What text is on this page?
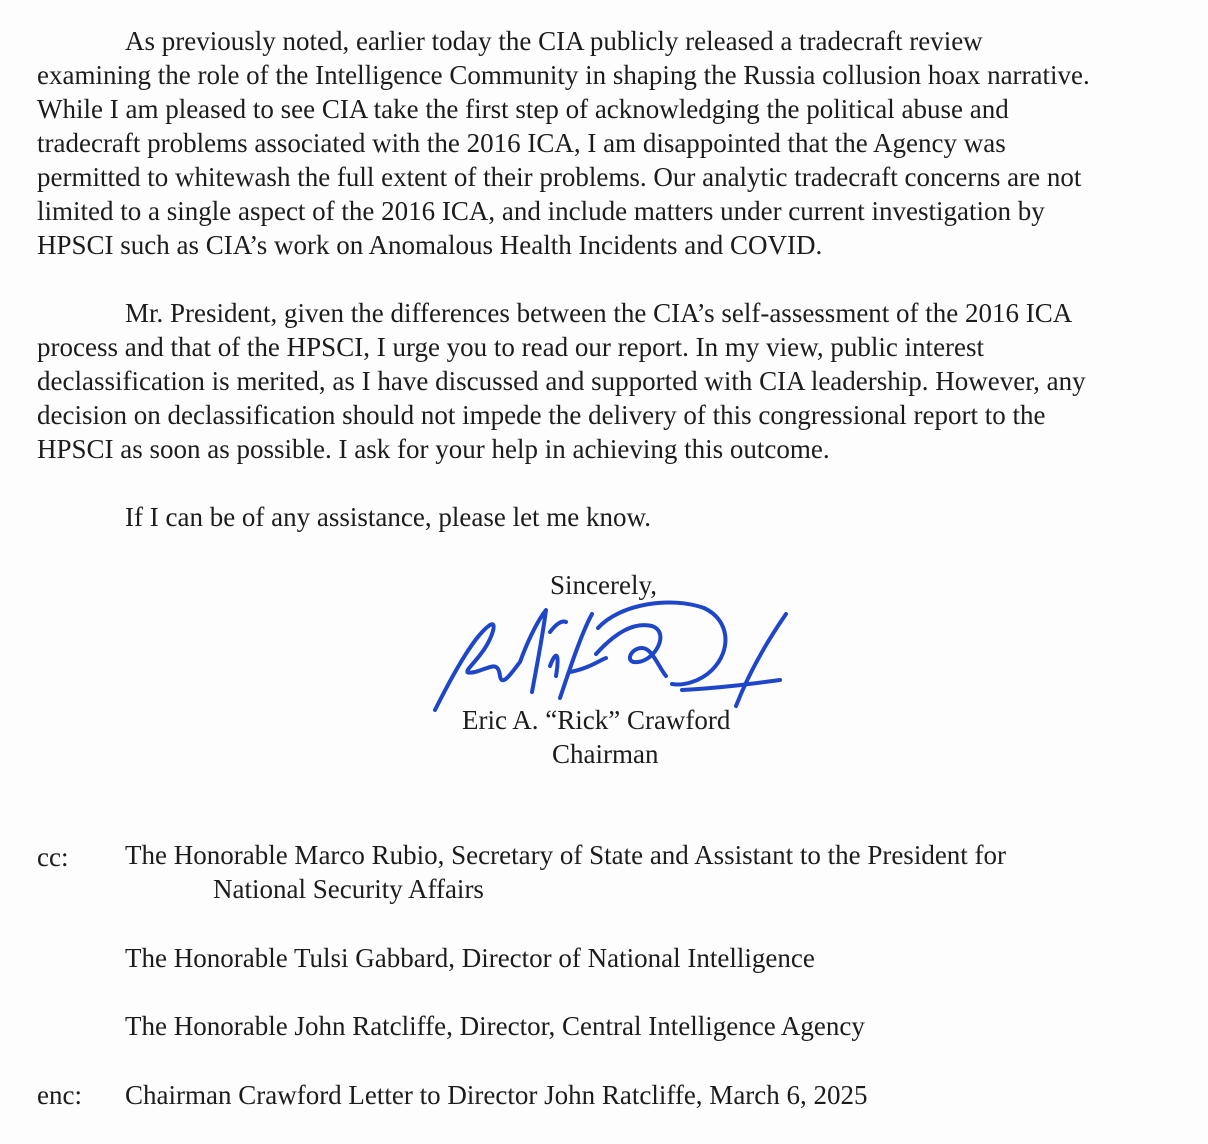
As previously noted, earlier today the CIA publicly released a tradecraft review
examining the role of the Intelligence Community in shaping the Russia collusion hoax narrative.
While I am pleased to see CIA take the first step of acknowledging the political abuse and
tradecraft problems associated with the 2016 ICA, I am disappointed that the Agency was
permitted to whitewash the full extent of their problems. Our analytic tradecraft concerns are not
limited to a single aspect of the 2016 ICA, and include matters under current investigation by
HPSCI such as CIA’s work on Anomalous Health Incidents and COVID.
Mr. President, given the differences between the CIA’s self-assessment of the 2016 ICA
process and that of the HPSCI, I urge you to read our report. In my view, public interest
declassification is merited, as I have discussed and supported with CIA leadership. However, any
decision on declassification should not impede the delivery of this congressional report to the
HPSCI as soon as possible. I ask for your help in achieving this outcome.
If I can be of any assistance, please let me know.
Sincerely,
Eric A. “Rick” Crawford
Chairman
cc: The Honorable Marco Rubio, Secretary of State and Assistant to the President for
National Security Affairs
The Honorable Tulsi Gabbard, Director of National Intelligence
The Honorable John Ratcliffe, Director, Central Intelligence Agency
enc: Chairman Crawford Letter to Director John Ratcliffe, March 6, 2025
